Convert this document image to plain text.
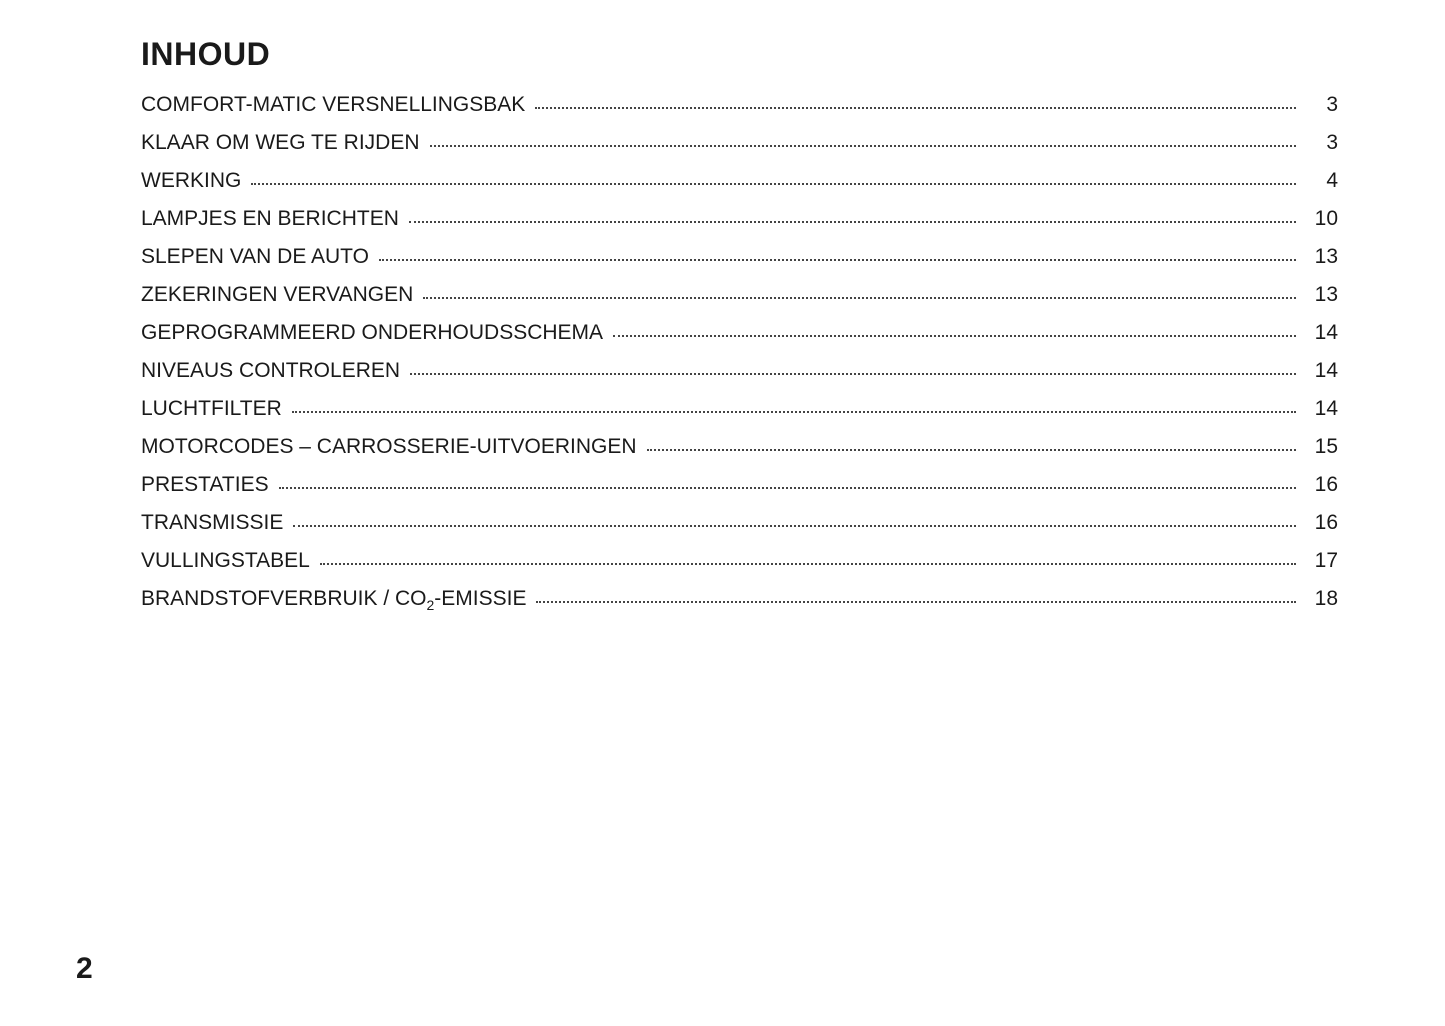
INHOUD
COMFORT-MATIC VERSNELLINGSBAK	3
KLAAR OM WEG TE RIJDEN	3
WERKING	4
LAMPJES EN BERICHTEN	10
SLEPEN VAN DE AUTO	13
ZEKERINGEN VERVANGEN	13
GEPROGRAMMEERD ONDERHOUDSSCHEMA	14
NIVEAUS CONTROLEREN	14
LUCHTFILTER	14
MOTORCODES – CARROSSERIE-UITVOERINGEN	15
PRESTATIES	16
TRANSMISSIE	16
VULLINGSTABEL	17
BRANDSTOFVERBRUIK / $CO_2$-EMISSIE	18
2
